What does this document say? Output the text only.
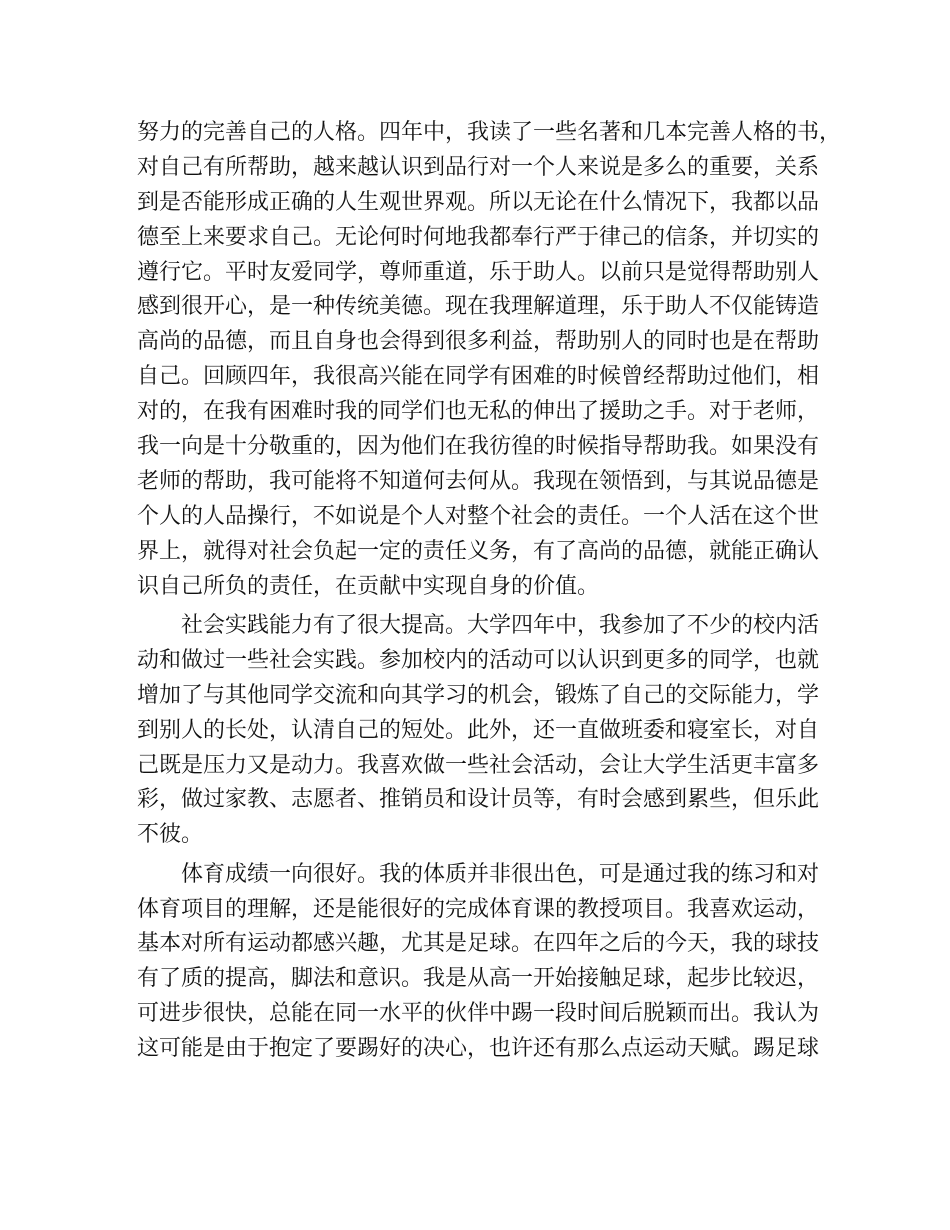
努力的完善自己的人格。四年中，我读了一些名著和几本完善人格的书，
对自己有所帮助，越来越认识到品行对一个人来说是多么的重要，关系
到是否能形成正确的人生观世界观。所以无论在什么情况下，我都以品
德至上来要求自己。无论何时何地我都奉行严于律己的信条，并切实的
遵行它。平时友爱同学，尊师重道，乐于助人。以前只是觉得帮助别人
感到很开心，是一种传统美德。现在我理解道理，乐于助人不仅能铸造
高尚的品德，而且自身也会得到很多利益，帮助别人的同时也是在帮助
自己。回顾四年，我很高兴能在同学有困难的时候曾经帮助过他们，相
对的，在我有困难时我的同学们也无私的伸出了援助之手。对于老师，
我一向是十分敬重的，因为他们在我彷徨的时候指导帮助我。如果没有
老师的帮助，我可能将不知道何去何从。我现在领悟到，与其说品德是
个人的人品操行，不如说是个人对整个社会的责任。一个人活在这个世
界上，就得对社会负起一定的责任义务，有了高尚的品德，就能正确认
识自己所负的责任，在贡献中实现自身的价值。
社会实践能力有了很大提高。大学四年中，我参加了不少的校内活
动和做过一些社会实践。参加校内的活动可以认识到更多的同学，也就
增加了与其他同学交流和向其学习的机会，锻炼了自己的交际能力，学
到别人的长处，认清自己的短处。此外，还一直做班委和寝室长，对自
己既是压力又是动力。我喜欢做一些社会活动，会让大学生活更丰富多
彩，做过家教、志愿者、推销员和设计员等，有时会感到累些，但乐此
不彼。
体育成绩一向很好。我的体质并非很出色，可是通过我的练习和对
体育项目的理解，还是能很好的完成体育课的教授项目。我喜欢运动，
基本对所有运动都感兴趣，尤其是足球。在四年之后的今天，我的球技
有了质的提高，脚法和意识。我是从高一开始接触足球，起步比较迟，
可进步很快，总能在同一水平的伙伴中踢一段时间后脱颖而出。我认为
这可能是由于抱定了要踢好的决心，也许还有那么点运动天赋。踢足球
